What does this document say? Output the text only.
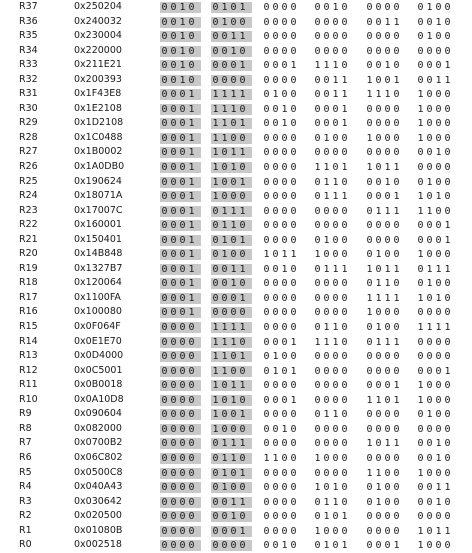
R37	0x250204	0 0 1 0	0 1 0 1	0 0 0 0	0 0 1 0	0 0 0 0	0 1 0 0
R36	0x240032	0 0 1 0	0 1 0 0	0 0 0 0	0 0 0 0	0 0 1 1	0 0 1 0
R35	0x230004	0 0 1 0	0 0 1 1	0 0 0 0	0 0 0 0	0 0 0 0	0 1 0 0
R34	0x220000	0 0 1 0	0 0 1 0	0 0 0 0	0 0 0 0	0 0 0 0	0 0 0 0
R33	0x211E21	0 0 1 0	0 0 0 1	0 0 0 1	1 1 1 0	0 0 1 0	0 0 0 1
R32	0x200393	0 0 1 0	0 0 0 0	0 0 0 0	0 0 1 1	1 0 0 1	0 0 1 1
R31	0x1F43E8	0 0 0 1	1 1 1 1	0 1 0 0	0 0 1 1	1 1 1 0	1 0 0 0
R30	0x1E2108	0 0 0 1	1 1 1 0	0 0 1 0	0 0 0 1	0 0 0 0	1 0 0 0
R29	0x1D2108	0 0 0 1	1 1 0 1	0 0 1 0	0 0 0 1	0 0 0 0	1 0 0 0
R28	0x1C0488	0 0 0 1	1 1 0 0	0 0 0 0	0 1 0 0	1 0 0 0	1 0 0 0
R27	0x1B0002	0 0 0 1	1 0 1 1	0 0 0 0	0 0 0 0	0 0 0 0	0 0 1 0
R26	0x1A0DB0	0 0 0 1	1 0 1 0	0 0 0 0	1 1 0 1	1 0 1 1	0 0 0 0
R25	0x190624	0 0 0 1	1 0 0 1	0 0 0 0	0 1 1 0	0 0 1 0	0 1 0 0
R24	0x18071A	0 0 0 1	1 0 0 0	0 0 0 0	0 1 1 1	0 0 0 1	1 0 1 0
R23	0x17007C	0 0 0 1	0 1 1 1	0 0 0 0	0 0 0 0	0 1 1 1	1 1 0 0
R22	0x160001	0 0 0 1	0 1 1 0	0 0 0 0	0 0 0 0	0 0 0 0	0 0 0 1
R21	0x150401	0 0 0 1	0 1 0 1	0 0 0 0	0 1 0 0	0 0 0 0	0 0 0 1
R20	0x14B848	0 0 0 1	0 1 0 0	1 0 1 1	1 0 0 0	0 1 0 0	1 0 0 0
R19	0x1327B7	0 0 0 1	0 0 1 1	0 0 1 0	0 1 1 1	1 0 1 1	0 1 1 1
R18	0x120064	0 0 0 1	0 0 1 0	0 0 0 0	0 0 0 0	0 1 1 0	0 1 0 0
R17	0x1100FA	0 0 0 1	0 0 0 1	0 0 0 0	0 0 0 0	1 1 1 1	1 0 1 0
R16	0x100080	0 0 0 1	0 0 0 0	0 0 0 0	0 0 0 0	1 0 0 0	0 0 0 0
R15	0x0F064F	0 0 0 0	1 1 1 1	0 0 0 0	0 1 1 0	0 1 0 0	1 1 1 1
R14	0x0E1E70	0 0 0 0	1 1 1 0	0 0 0 1	1 1 1 0	0 1 1 1	0 0 0 0
R13	0x0D4000	0 0 0 0	1 1 0 1	0 1 0 0	0 0 0 0	0 0 0 0	0 0 0 0
R12	0x0C5001	0 0 0 0	1 1 0 0	0 1 0 1	0 0 0 0	0 0 0 0	0 0 0 1
R11	0x0B0018	0 0 0 0	1 0 1 1	0 0 0 0	0 0 0 0	0 0 0 1	1 0 0 0
R10	0x0A10D8	0 0 0 0	1 0 1 0	0 0 0 1	0 0 0 0	1 1 0 1	1 0 0 0
R9	0x090604	0 0 0 0	1 0 0 1	0 0 0 0	0 1 1 0	0 0 0 0	0 1 0 0
R8	0x082000	0 0 0 0	1 0 0 0	0 0 1 0	0 0 0 0	0 0 0 0	0 0 0 0
R7	0x0700B2	0 0 0 0	0 1 1 1	0 0 0 0	0 0 0 0	1 0 1 1	0 0 1 0
R6	0x06C802	0 0 0 0	0 1 1 0	1 1 0 0	1 0 0 0	0 0 0 0	0 0 1 0
R5	0x0500C8	0 0 0 0	0 1 0 1	0 0 0 0	0 0 0 0	1 1 0 0	1 0 0 0
R4	0x040A43	0 0 0 0	0 1 0 0	0 0 0 0	1 0 1 0	0 1 0 0	0 0 1 1
R3	0x030642	0 0 0 0	0 0 1 1	0 0 0 0	0 1 1 0	0 1 0 0	0 0 1 0
R2	0x020500	0 0 0 0	0 0 1 0	0 0 0 0	0 1 0 1	0 0 0 0	0 0 0 0
R1	0x01080B	0 0 0 0	0 0 0 1	0 0 0 0	1 0 0 0	0 0 0 0	1 0 1 1
R0	0x002518	0 0 0 0	0 0 0 0	0 0 1 0	0 1 0 1	0 0 0 1	1 0 0 0
